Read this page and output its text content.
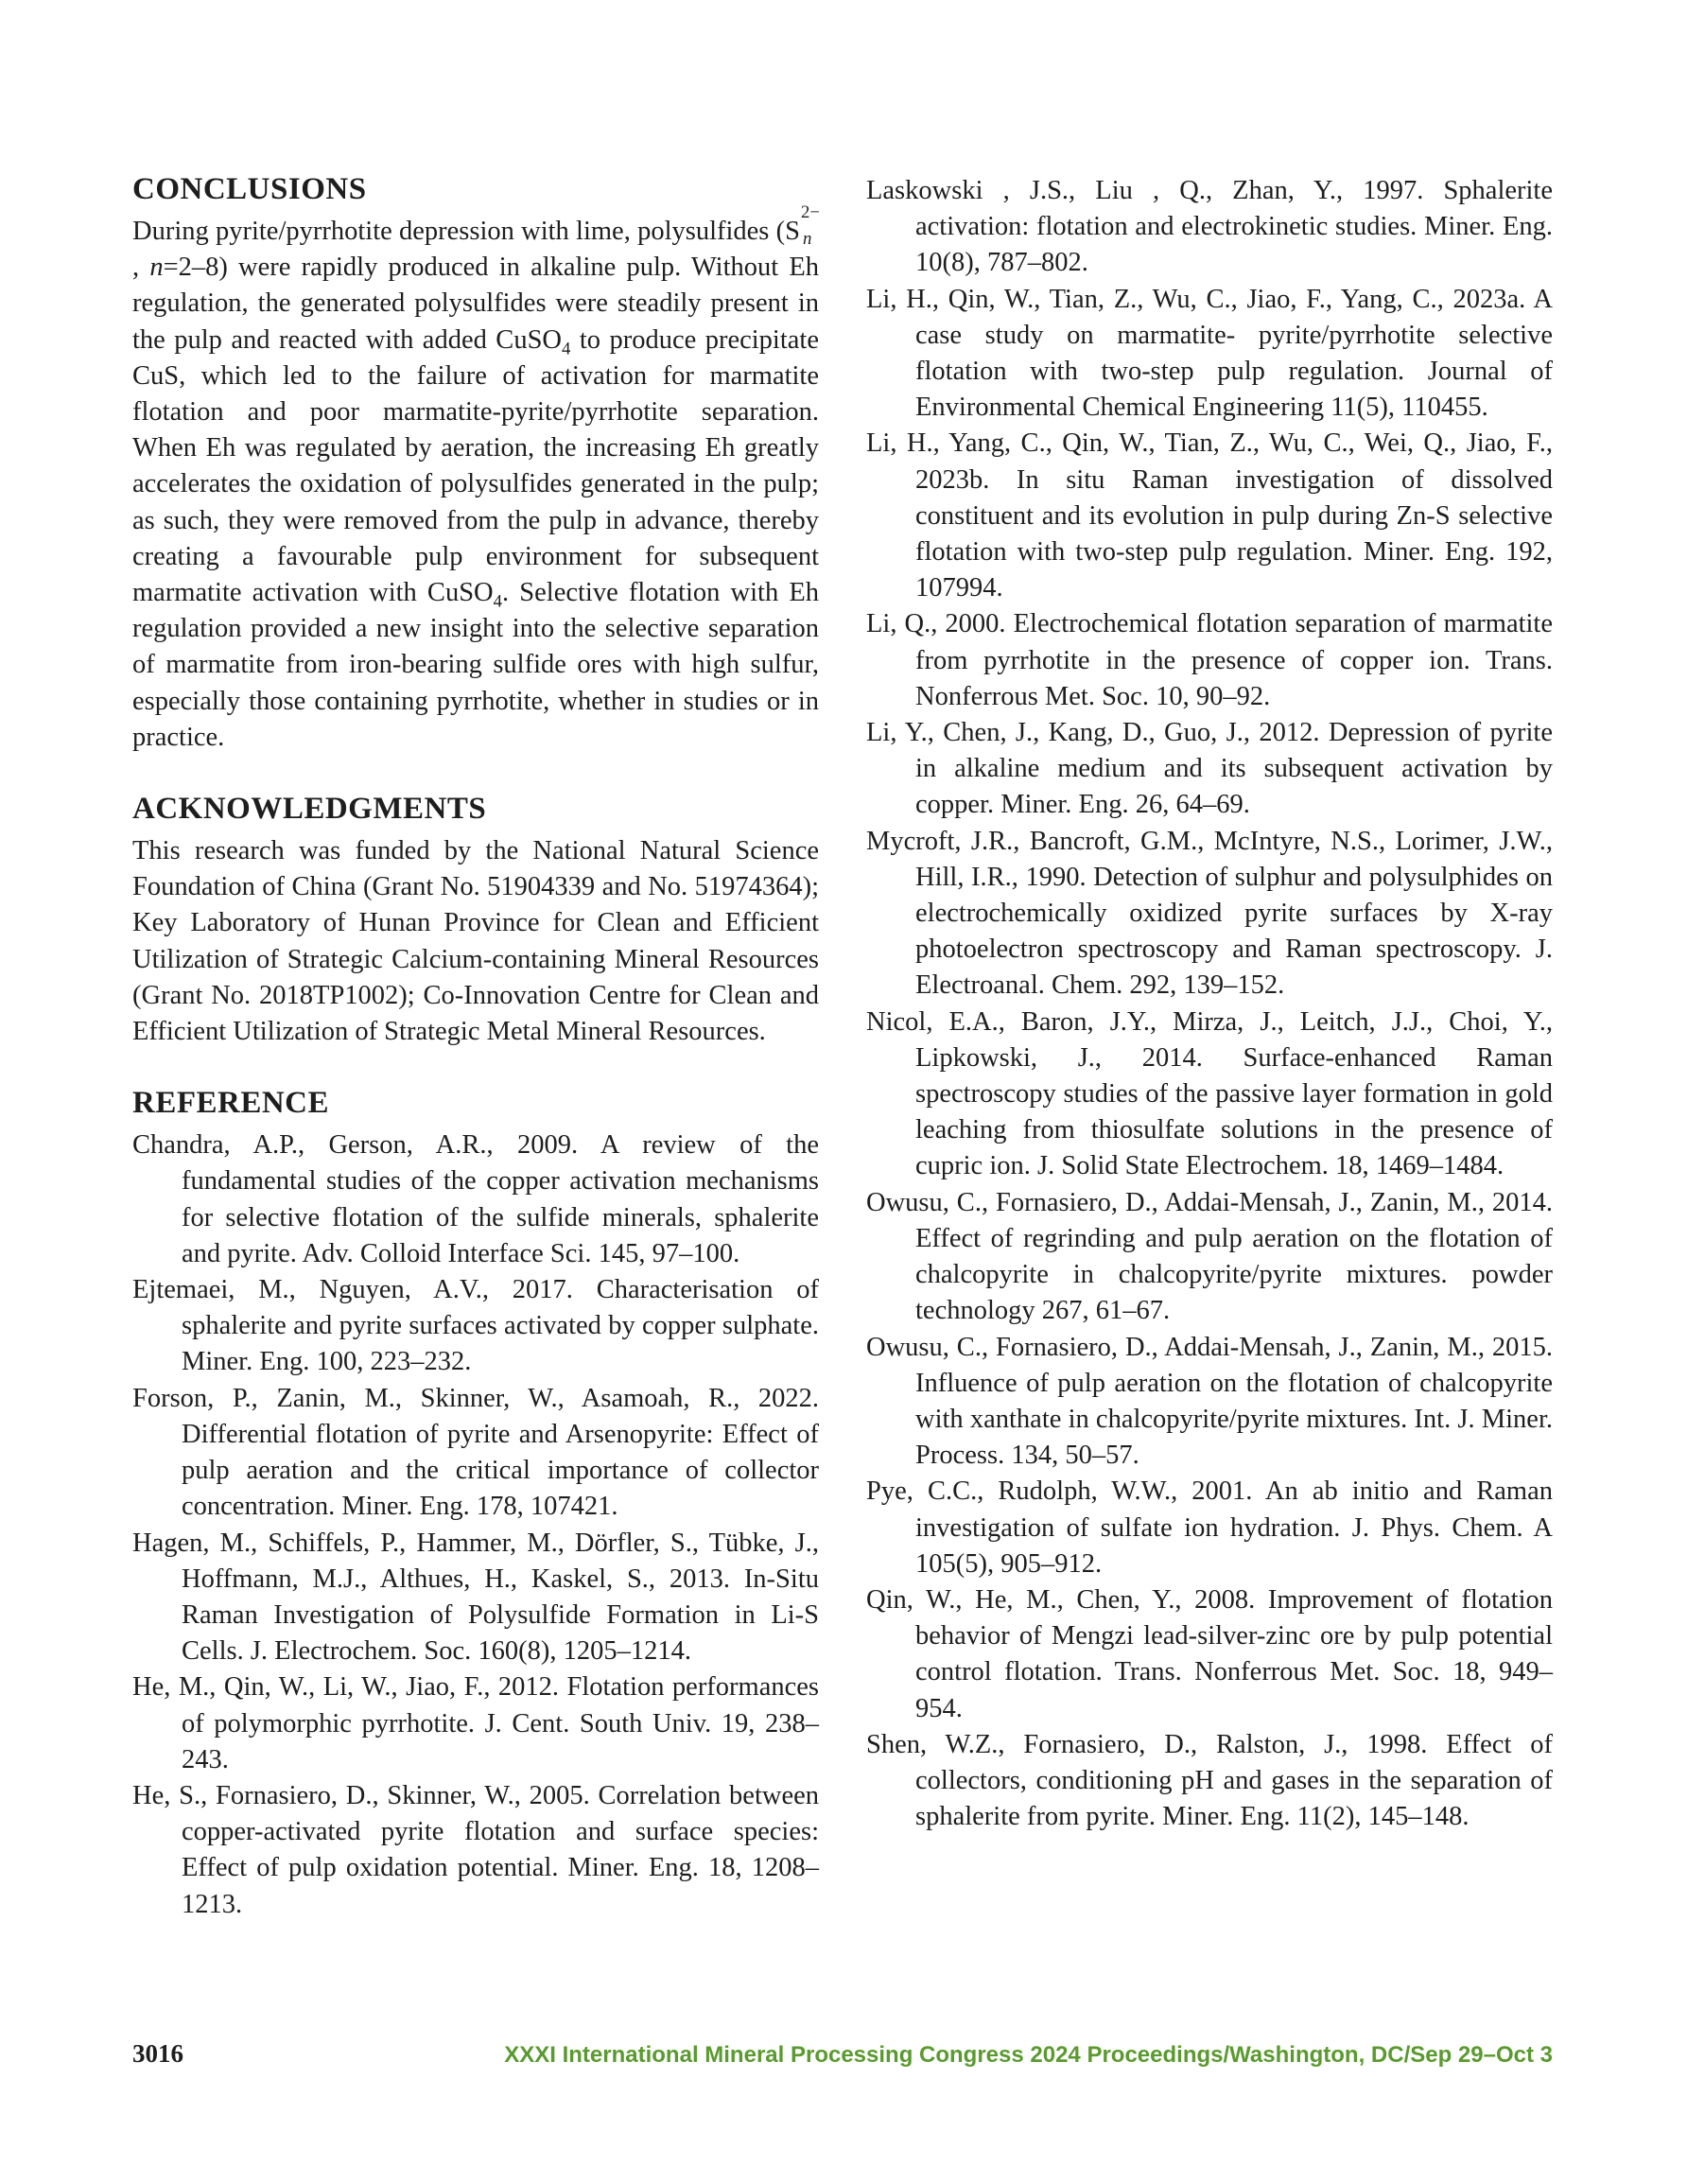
CONCLUSIONS

During pyrite/pyrrhotite depression with lime, polysulfides (S
2−
n
, n=2–8) were rapidly produced in alkaline pulp. Without Eh regulation, the generated polysulfides were steadily present in the pulp and reacted with added CuSO$_4$ to produce precipitate CuS, which led to the failure of activation for marmatite flotation and poor marmatite-pyrite/pyrrhotite separation. When Eh was regulated by aeration, the increasing Eh greatly accelerates the oxidation of polysulfides generated in the pulp; as such, they were removed from the pulp in advance, thereby creating a favourable pulp environment for subsequent marmatite activation with CuSO$_4$. Selective flotation with Eh regulation provided a new insight into the selective separation of marmatite from iron-bearing sulfide ores with high sulfur, especially those containing pyrrhotite, whether in studies or in practice.

ACKNOWLEDGMENTS

This research was funded by the National Natural Science Foundation of China (Grant No. 51904339 and No. 51974364); Key Laboratory of Hunan Province for Clean and Efficient Utilization of Strategic Calcium-containing Mineral Resources (Grant No. 2018TP1002); Co-Innovation Centre for Clean and Efficient Utilization of Strategic Metal Mineral Resources.

REFERENCE

Chandra, A.P., Gerson, A.R., 2009. A review of the fundamental studies of the copper activation mechanisms for selective flotation of the sulfide minerals, sphalerite and pyrite. Adv. Colloid Interface Sci. 145, 97–100.

Ejtemaei, M., Nguyen, A.V., 2017. Characterisation of sphalerite and pyrite surfaces activated by copper sulphate. Miner. Eng. 100, 223–232.

Forson, P., Zanin, M., Skinner, W., Asamoah, R., 2022. Differential flotation of pyrite and Arsenopyrite: Effect of pulp aeration and the critical importance of collector concentration. Miner. Eng. 178, 107421.

Hagen, M., Schiffels, P., Hammer, M., Dörfler, S., Tübke, J., Hoffmann, M.J., Althues, H., Kaskel, S., 2013. In-Situ Raman Investigation of Polysulfide Formation in Li-S Cells. J. Electrochem. Soc. 160(8), 1205–1214.

He, M., Qin, W., Li, W., Jiao, F., 2012. Flotation performances of polymorphic pyrrhotite. J. Cent. South Univ. 19, 238–243.

He, S., Fornasiero, D., Skinner, W., 2005. Correlation between copper-activated pyrite flotation and surface species: Effect of pulp oxidation potential. Miner. Eng. 18, 1208–1213.

Laskowski , J.S., Liu , Q., Zhan, Y., 1997. Sphalerite activation: flotation and electrokinetic studies. Miner. Eng. 10(8), 787–802.

Li, H., Qin, W., Tian, Z., Wu, C., Jiao, F., Yang, C., 2023a. A case study on marmatite- pyrite/pyrrhotite selective flotation with two-step pulp regulation. Journal of Environmental Chemical Engineering 11(5), 110455.

Li, H., Yang, C., Qin, W., Tian, Z., Wu, C., Wei, Q., Jiao, F., 2023b. In situ Raman investigation of dissolved constituent and its evolution in pulp during Zn-S selective flotation with two-step pulp regulation. Miner. Eng. 192, 107994.

Li, Q., 2000. Electrochemical flotation separation of marmatite from pyrrhotite in the presence of copper ion. Trans. Nonferrous Met. Soc. 10, 90–92.

Li, Y., Chen, J., Kang, D., Guo, J., 2012. Depression of pyrite in alkaline medium and its subsequent activation by copper. Miner. Eng. 26, 64–69.

Mycroft, J.R., Bancroft, G.M., McIntyre, N.S., Lorimer, J.W., Hill, I.R., 1990. Detection of sulphur and polysulphides on electrochemically oxidized pyrite surfaces by X-ray photoelectron spectroscopy and Raman spectroscopy. J. Electroanal. Chem. 292, 139–152.

Nicol, E.A., Baron, J.Y., Mirza, J., Leitch, J.J., Choi, Y., Lipkowski, J., 2014. Surface-enhanced Raman spectroscopy studies of the passive layer formation in gold leaching from thiosulfate solutions in the presence of cupric ion. J. Solid State Electrochem. 18, 1469–1484.

Owusu, C., Fornasiero, D., Addai-Mensah, J., Zanin, M., 2014. Effect of regrinding and pulp aeration on the flotation of chalcopyrite in chalcopyrite/pyrite mixtures. powder technology 267, 61–67.

Owusu, C., Fornasiero, D., Addai-Mensah, J., Zanin, M., 2015. Influence of pulp aeration on the flotation of chalcopyrite with xanthate in chalcopyrite/pyrite mixtures. Int. J. Miner. Process. 134, 50–57.

Pye, C.C., Rudolph, W.W., 2001. An ab initio and Raman investigation of sulfate ion hydration. J. Phys. Chem. A 105(5), 905–912.

Qin, W., He, M., Chen, Y., 2008. Improvement of flotation behavior of Mengzi lead-silver-zinc ore by pulp potential control flotation. Trans. Nonferrous Met. Soc. 18, 949–954.

Shen, W.Z., Fornasiero, D., Ralston, J., 1998. Effect of collectors, conditioning pH and gases in the separation of sphalerite from pyrite. Miner. Eng. 11(2), 145–148.

3016	XXXI International Mineral Processing Congress 2024 Proceedings/Washington, DC/Sep 29–Oct 3
